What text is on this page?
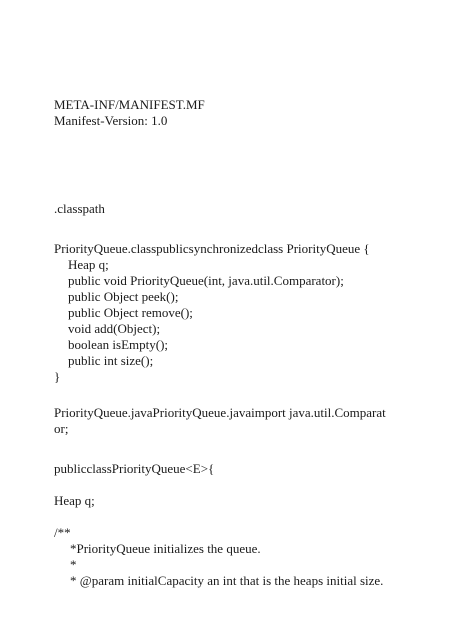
META-INF/MANIFEST.MF
Manifest-Version: 1.0
.classpath
PriorityQueue.classpublicsynchronizedclass PriorityQueue {
Heap q;
public void PriorityQueue(int, java.util.Comparator);
public Object peek();
public Object remove();
void add(Object);
boolean isEmpty();
public int size();
}
PriorityQueue.javaPriorityQueue.javaimport java.util.Comparat
or;
publicclassPriorityQueue<E>{
Heap q;
/**
*PriorityQueue initializes the queue.
*
* @param initialCapacity an int that is the heaps initial size.
